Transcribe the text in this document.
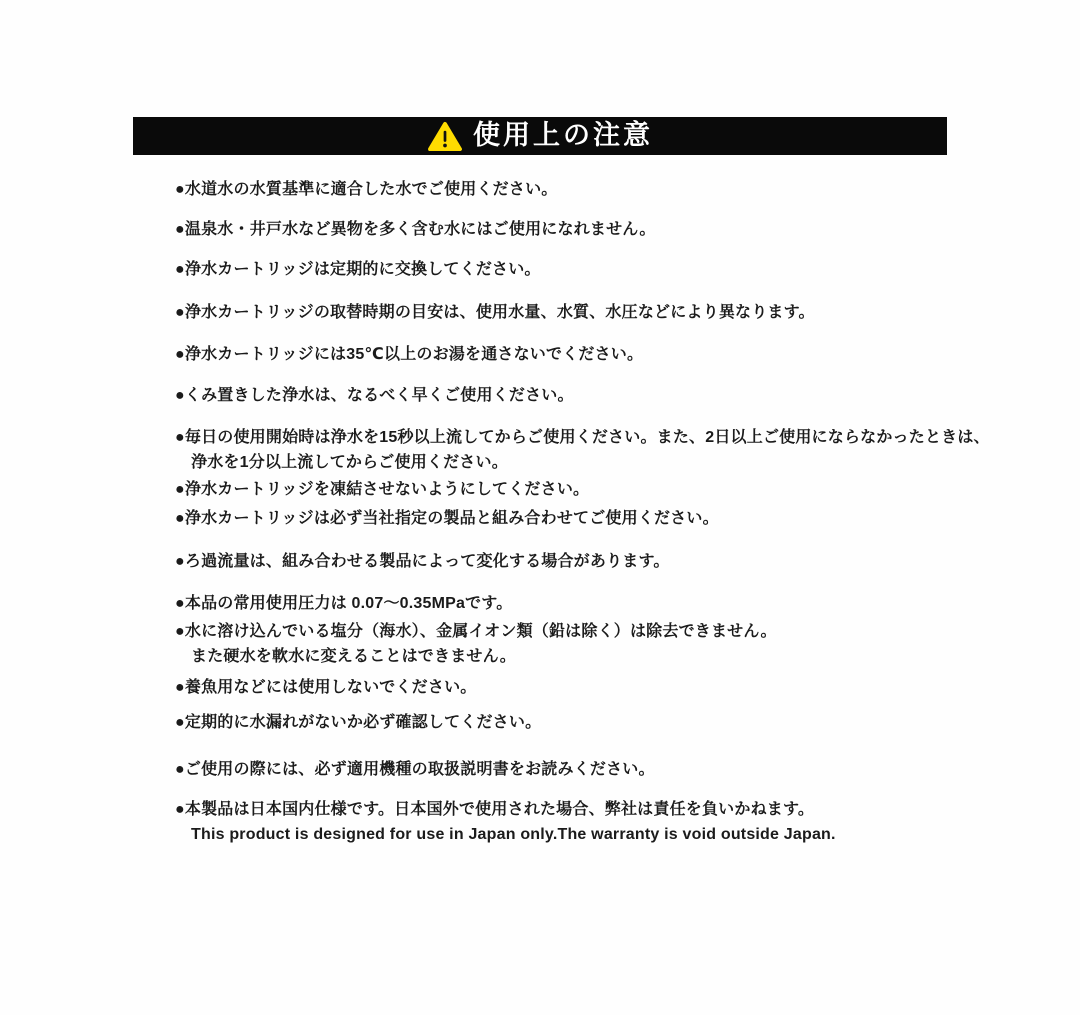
使用上の注意
●水道水の水質基準に適合した水でご使用ください。
●温泉水・井戸水など異物を多く含む水にはご使用になれません。
●浄水カートリッジは定期的に交換してください。
●浄水カートリッジの取替時期の目安は、使用水量、水質、水圧などにより異なります。
●浄水カートリッジには35℃以上のお湯を通さないでください。
●くみ置きした浄水は、なるべく早くご使用ください。
●毎日の使用開始時は浄水を15秒以上流してからご使用ください。また、2日以上ご使用にならなかったときは、
浄水を1分以上流してからご使用ください。
●浄水カートリッジを凍結させないようにしてください。
●浄水カートリッジは必ず当社指定の製品と組み合わせてご使用ください。
●ろ過流量は、組み合わせる製品によって変化する場合があります。
●本品の常用使用圧力は 0.07～0.35MPaです。
●水に溶け込んでいる塩分（海水）、金属イオン類（鉛は除く）は除去できません。
また硬水を軟水に変えることはできません。
●養魚用などには使用しないでください。
●定期的に水漏れがないか必ず確認してください。
●ご使用の際には、必ず適用機種の取扱説明書をお読みください。
●本製品は日本国内仕様です。日本国外で使用された場合、弊社は責任を負いかねます。
This product is designed for use in Japan only.The warranty is void outside Japan.
